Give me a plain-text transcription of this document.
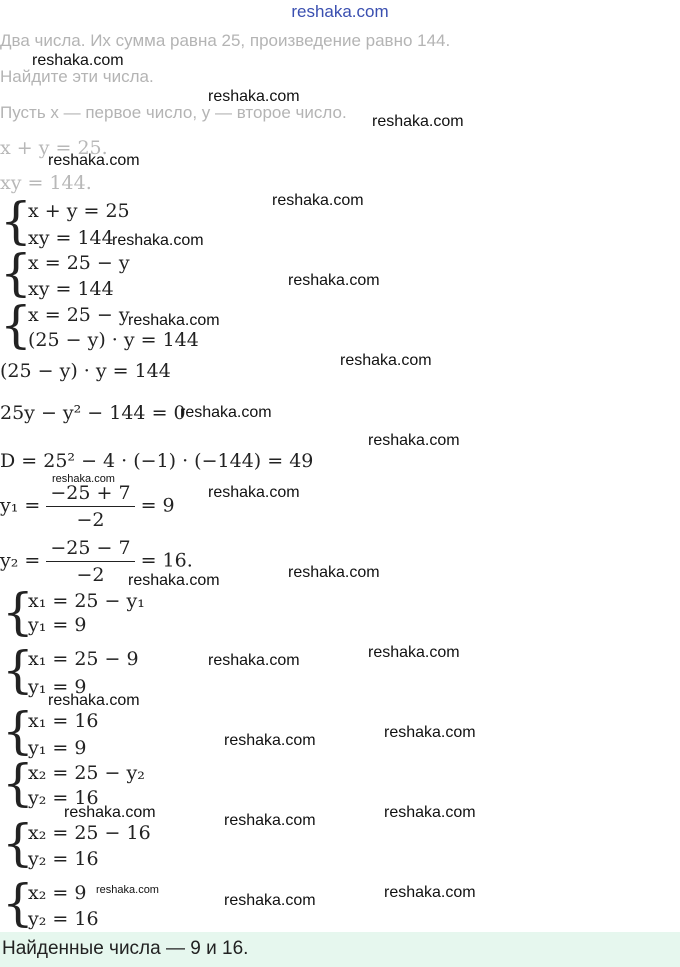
reshaka.com
Два числа. Их сумма равна 25, произведение равно 144.
Найдите эти числа.
Пусть x — первое число, y — второе число.
x + y = 25.
xy = 144.
{
x + y = 25
xy = 144
{
x = 25 − y
xy = 144
{
x = 25 − y
(25 − y) · y = 144
(25 − y) · y = 144
25y − y² − 144 = 0
D = 25² − 4 · (−1) · (−144) = 49
$y_1 = \frac{-25 + 7}{-2} = 9$
$y_2 = \frac{-25 - 7}{-2} = 16$.
{
x₁ = 25 − y₁
y₁ = 9
{
x₁ = 25 − 9
y₁ = 9
{
x₁ = 16
y₁ = 9
{
x₂ = 25 − y₂
y₂ = 16
{
x₂ = 25 − 16
y₂ = 16
{
x₂ = 9
y₂ = 16
Найденные числа — 9 и 16.
reshaka.com
reshaka.com
reshaka.com
reshaka.com
reshaka.com
reshaka.com
reshaka.com
reshaka.com
reshaka.com
reshaka.com
reshaka.com
reshaka.com
reshaka.com
reshaka.com	reshaka.com
reshaka.com
reshaka.com
reshaka.com
reshaka.com
reshaka.com
reshaka.com	reshaka.com
reshaka.com
reshaka.com	reshaka.com
reshaka.com
